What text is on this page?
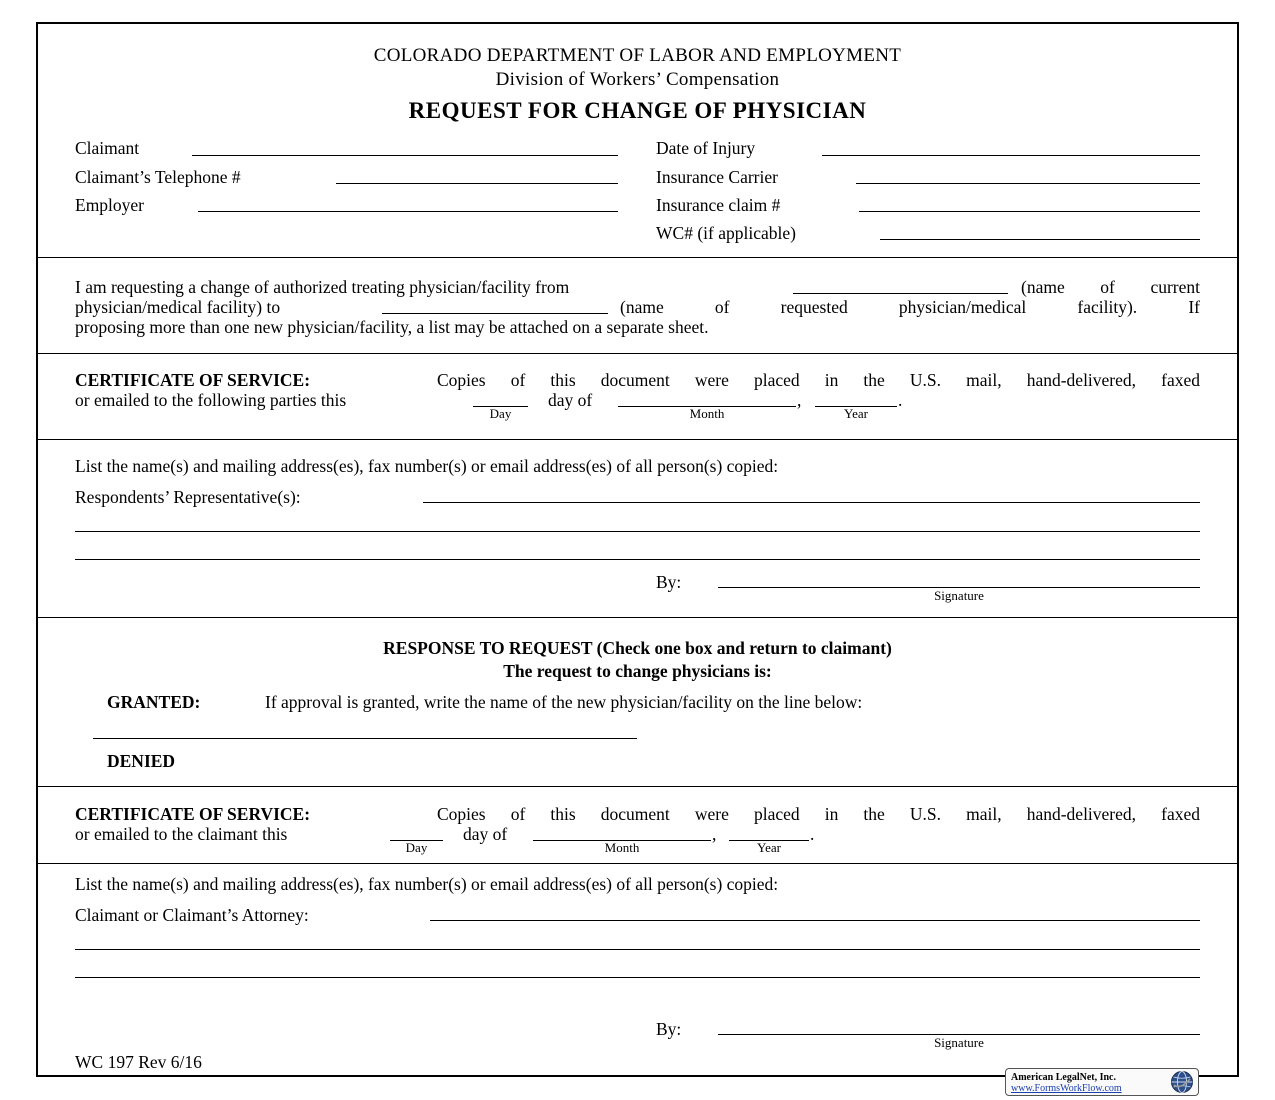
COLORADO DEPARTMENT OF LABOR AND EMPLOYMENT
Division of Workers’ Compensation
REQUEST FOR CHANGE OF PHYSICIAN
Claimant
Claimant’s Telephone #
Employer
Date of Injury
Insurance Carrier
Insurance claim #
WC# (if applicable)
I am requesting a change of authorized treating physician/facility from	(name of current
physician/medical facility) to	(name of requested physician/medical facility). If
proposing more than one new physician/facility, a list may be attached on a separate sheet.
CERTIFICATE OF SERVICE:	Copies of this document were placed in the U.S. mail, hand-delivered, faxed
or emailed to the following parties this
Day
day of
Month
,
Year
.
List the name(s) and mailing address(es), fax number(s) or email address(es) of all person(s) copied:
Respondents’ Representative(s):
By:
Signature
RESPONSE TO REQUEST (Check one box and return to claimant)
The request to change physicians is:
GRANTED:	If approval is granted, write the name of the new physician/facility on the line below:
DENIED
CERTIFICATE OF SERVICE:	Copies of this document were placed in the U.S. mail, hand-delivered, faxed
or emailed to the claimant this
Day
day of
Month
,
Year
.
List the name(s) and mailing address(es), fax number(s) or email address(es) of all person(s) copied:
Claimant or Claimant’s Attorney:
By:
Signature
WC 197 Rev 6/16
American LegalNet, Inc.
www.FormsWorkFlow.com
